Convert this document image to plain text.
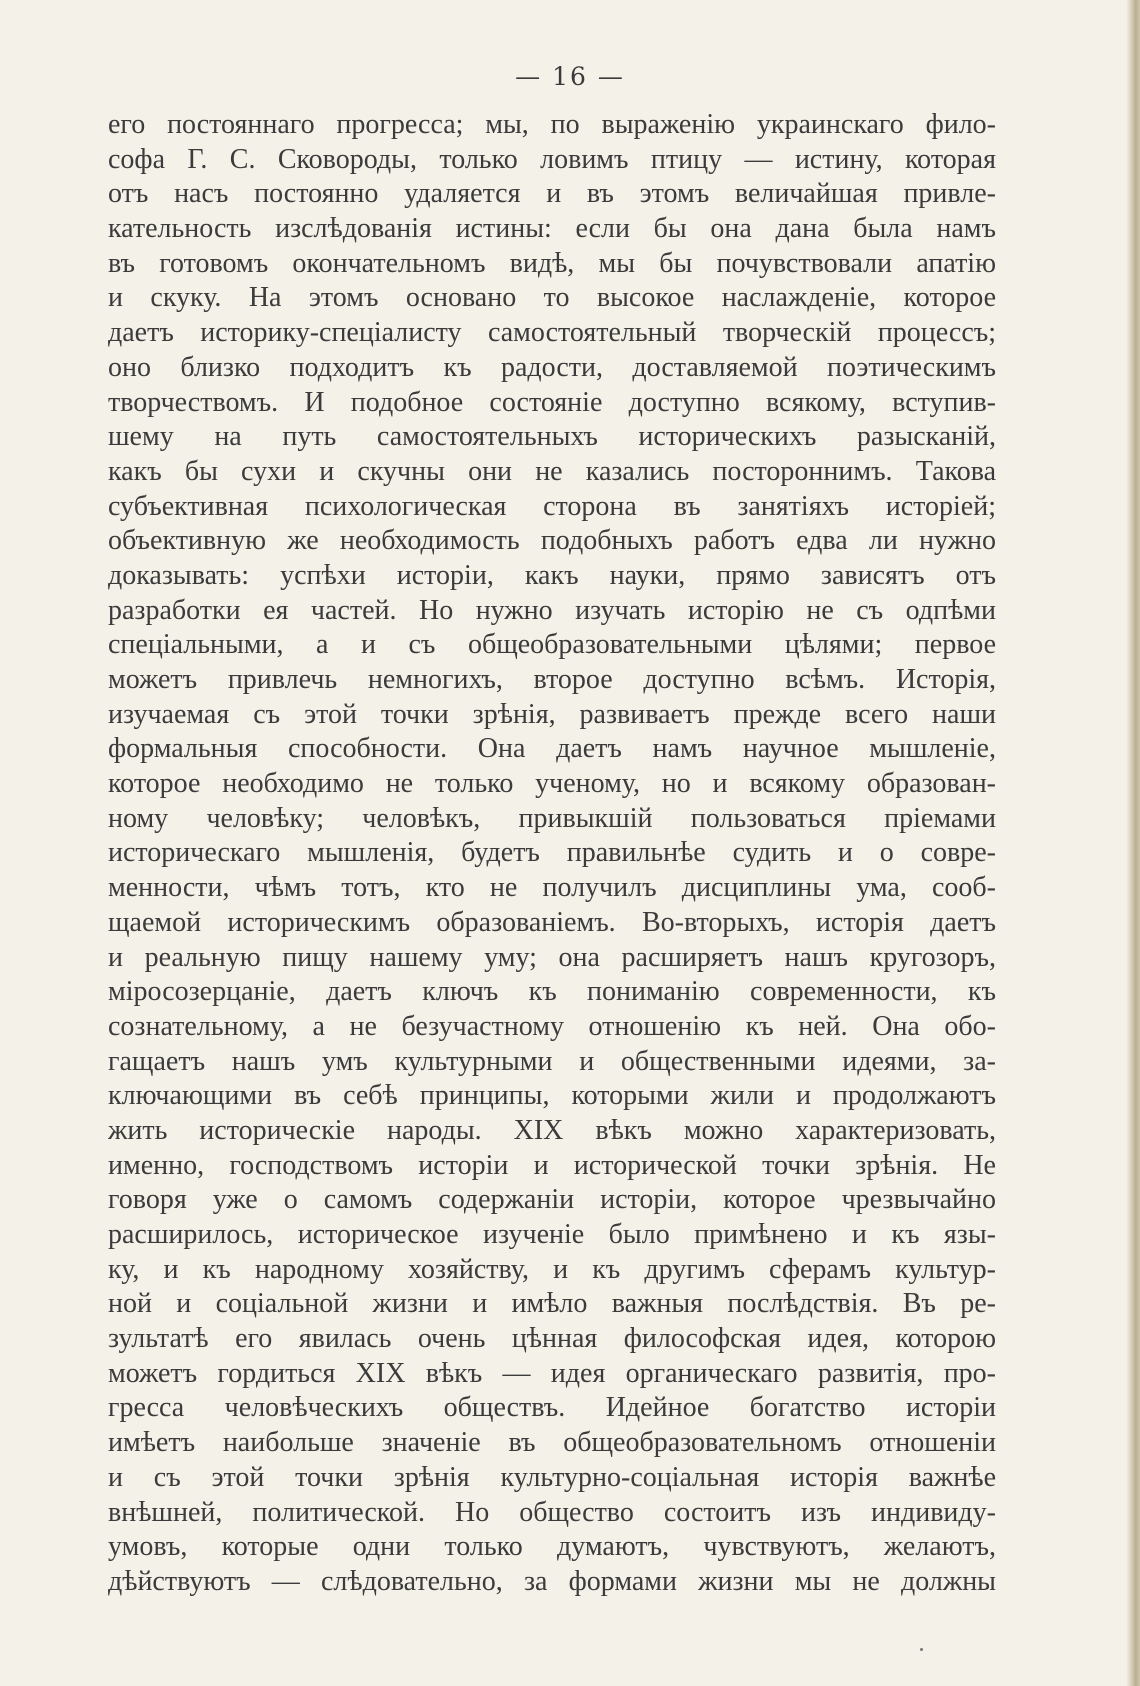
— 16 —
его постояннаго прогресса; мы, по выраженію украинскаго фило-
софа Г. С. Сковороды, только ловимъ птицу — истину, которая
отъ насъ постоянно удаляется и въ этомъ величайшая привле-
кательность изслѣдованія истины: если бы она дана была намъ
въ готовомъ окончательномъ видѣ, мы бы почувствовали апатію
и скуку. На этомъ основано то высокое наслажденіе, которое
даетъ историку-спеціалисту самостоятельный творческій процессъ;
оно близко подходитъ къ радости, доставляемой поэтическимъ
творчествомъ. И подобное состояніе доступно всякому, вступив-
шему на путь самостоятельныхъ историческихъ разысканій,
какъ бы сухи и скучны они не казались постороннимъ. Такова
субъективная психологическая сторона въ занятіяхъ исторіей;
объективную же необходимость подобныхъ работъ едва ли нужно
доказывать: успѣхи исторіи, какъ науки, прямо зависятъ отъ
разработки ея частей. Но нужно изучать исторію не съ одпѣми
спеціальными, а и съ общеобразовательными цѣлями; первое
можетъ привлечь немногихъ, второе доступно всѣмъ. Исторія,
изучаемая съ этой точки зрѣнія, развиваетъ прежде всего наши
формальныя способности. Она даетъ намъ научное мышленіе,
которое необходимо не только ученому, но и всякому образован-
ному человѣку; человѣкъ, привыкшій пользоваться пріемами
историческаго мышленія, будетъ правильнѣе судить и о совре-
менности, чѣмъ тотъ, кто не получилъ дисциплины ума, сооб-
щаемой историческимъ образованіемъ. Во-вторыхъ, исторія даетъ
и реальную пищу нашему уму; она расширяетъ нашъ кругозоръ,
міросозерцаніе, даетъ ключъ къ пониманію современности, къ
сознательному, а не безучастному отношенію къ ней. Она обо-
гащаетъ нашъ умъ культурными и общественными идеями, за-
ключающими въ себѣ принципы, которыми жили и продолжаютъ
жить историческіе народы. XIX вѣкъ можно характеризовать,
именно, господствомъ исторіи и исторической точки зрѣнія. Не
говоря уже о самомъ содержаніи исторіи, которое чрезвычайно
расширилось, историческое изученіе было примѣнено и къ язы-
ку, и къ народному хозяйству, и къ другимъ сферамъ культур-
ной и соціальной жизни и имѣло важныя послѣдствія. Въ ре-
зультатѣ его явилась очень цѣнная философская идея, которою
можетъ гордиться XIX вѣкъ — идея органическаго развитія, про-
гресса человѣческихъ обществъ. Идейное богатство исторіи
имѣетъ наибольше значеніе въ общеобразовательномъ отношеніи
и съ этой точки зрѣнія культурно-соціальная исторія важнѣе
внѣшней, политической. Но общество состоитъ изъ индивиду-
умовъ, которые одни только думаютъ, чувствуютъ, желаютъ,
дѣйствуютъ — слѣдовательно, за формами жизни мы не должны
